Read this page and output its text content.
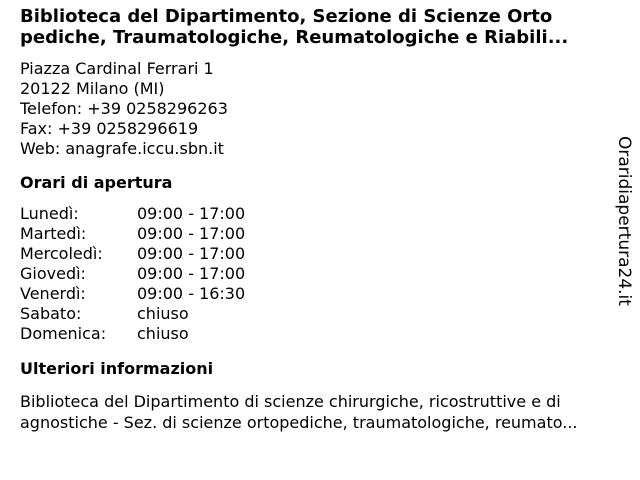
Biblioteca del Dipartimento, Sezione di Scienze Orto
pediche, Traumatologiche, Reumatologiche e Riabili...
Piazza Cardinal Ferrari 1
20122 Milano (MI)
Telefon: +39 0258296263
Fax: +39 0258296619
Web: anagrafe.iccu.sbn.it
Orari di apertura
Lunedì:	09:00 - 17:00
Martedì:	09:00 - 17:00
Mercoledì:	09:00 - 17:00
Giovedì:	09:00 - 17:00
Venerdì:	09:00 - 16:30
Sabato:	chiuso
Domenica:	chiuso
Ulteriori informazioni
Biblioteca del Dipartimento di scienze chirurgiche, ricostruttive e di
agnostiche - Sez. di scienze ortopediche, traumatologiche, reumato...
Oraridiapertura24.it
